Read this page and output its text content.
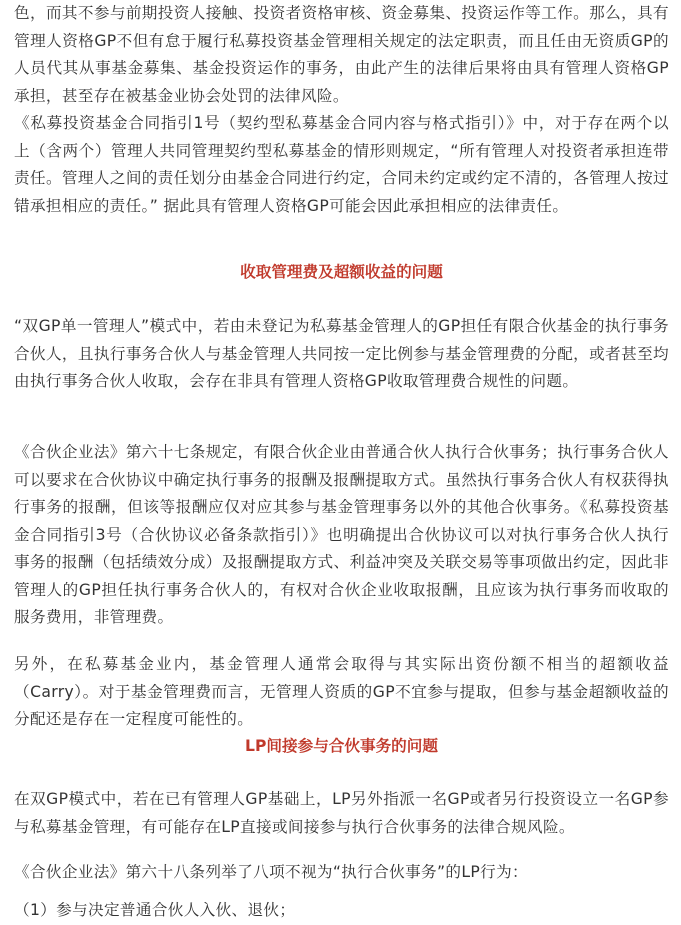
色，而其不参与前期投资人接触、投资者资格审核、资金募集、投资运作等工作。那么，具有管理人资格GP不但有怠于履行私募投资基金管理相关规定的法定职责，而且任由无资质GP的人员代其从事基金募集、基金投资运作的事务，由此产生的法律后果将由具有管理人资格GP承担，甚至存在被基金业协会处罚的法律风险。

《私募投资基金合同指引1号（契约型私募基金合同内容与格式指引）》中，对于存在两个以上（含两个）管理人共同管理契约型私募基金的情形则规定，“所有管理人对投资者承担连带责任。管理人之间的责任划分由基金合同进行约定，合同未约定或约定不清的，各管理人按过错承担相应的责任。” 据此具有管理人资格GP可能会因此承担相应的法律责任。

收取管理费及超额收益的问题

“双GP单一管理人”模式中，若由未登记为私募基金管理人的GP担任有限合伙基金的执行事务合伙人，且执行事务合伙人与基金管理人共同按一定比例参与基金管理费的分配，或者甚至均由执行事务合伙人收取，会存在非具有管理人资格GP收取管理费合规性的问题。

《合伙企业法》第六十七条规定，有限合伙企业由普通合伙人执行合伙事务；执行事务合伙人可以要求在合伙协议中确定执行事务的报酬及报酬提取方式。虽然执行事务合伙人有权获得执行事务的报酬，但该等报酬应仅对应其参与基金管理事务以外的其他合伙事务。《私募投资基金合同指引3号（合伙协议必备条款指引）》也明确提出合伙协议可以对执行事务合伙人执行事务的报酬（包括绩效分成）及报酬提取方式、利益冲突及关联交易等事项做出约定，因此非管理人的GP担任执行事务合伙人的，有权对合伙企业收取报酬，且应该为执行事务而收取的服务费用，非管理费。

另外，在私募基金业内，基金管理人通常会取得与其实际出资份额不相当的超额收益（Carry）。对于基金管理费而言，无管理人资质的GP不宜参与提取，但参与基金超额收益的分配还是存在一定程度可能性的。

LP间接参与合伙事务的问题

在双GP模式中，若在已有管理人GP基础上，LP另外指派一名GP或者另行投资设立一名GP参与私募基金管理，有可能存在LP直接或间接参与执行合伙事务的法律合规风险。

《合伙企业法》第六十八条列举了八项不视为“执行合伙事务”的LP行为：

（1）参与决定普通合伙人入伙、退伙；
